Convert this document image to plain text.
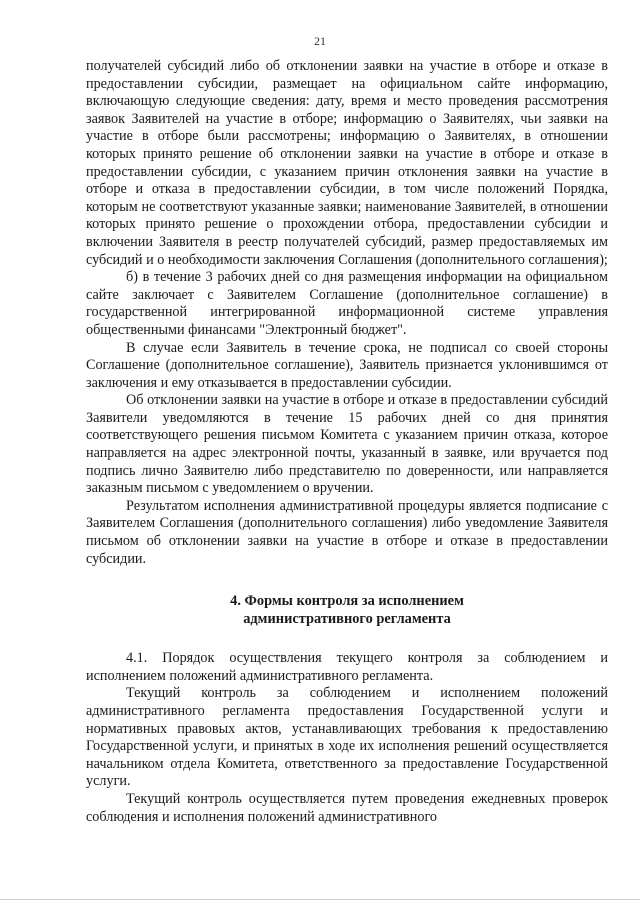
21

получателей субсидий либо об отклонении заявки на участие в отборе и отказе в предоставлении субсидии, размещает на официальном сайте информацию, включающую следующие сведения: дату, время и место проведения рассмотрения заявок Заявителей на участие в отборе; информацию о Заявителях, чьи заявки на участие в отборе были рассмотрены; информацию о Заявителях, в отношении которых принято решение об отклонении заявки на участие в отборе и отказе в предоставлении субсидии, с указанием причин отклонения заявки на участие в отборе и отказа в предоставлении субсидии, в том числе положений Порядка, которым не соответствуют указанные заявки; наименование Заявителей, в отношении которых принято решение о прохождении отбора, предоставлении субсидии и включении Заявителя в реестр получателей субсидий, размер предоставляемых им субсидий и о необходимости заключения Соглашения (дополнительного соглашения);

б) в течение 3 рабочих дней со дня размещения информации на официальном сайте заключает с Заявителем Соглашение (дополнительное соглашение) в государственной интегрированной информационной системе управления общественными финансами "Электронный бюджет".

В случае если Заявитель в течение срока, не подписал со своей стороны Соглашение (дополнительное соглашение), Заявитель признается уклонившимся от заключения и ему отказывается в предоставлении субсидии.

Об отклонении заявки на участие в отборе и отказе в предоставлении субсидий Заявители уведомляются в течение 15 рабочих дней со дня принятия соответствующего решения письмом Комитета с указанием причин отказа, которое направляется на адрес электронной почты, указанный в заявке, или вручается под подпись лично Заявителю либо представителю по доверенности, или направляется заказным письмом с уведомлением о вручении.

Результатом исполнения административной процедуры является подписание с Заявителем Соглашения (дополнительного соглашения) либо уведомление Заявителя письмом об отклонении заявки на участие в отборе и отказе в предоставлении субсидии.

4. Формы контроля за исполнением
административного регламента

4.1. Порядок осуществления текущего контроля за соблюдением и исполнением положений административного регламента.

Текущий контроль за соблюдением и исполнением положений административного регламента предоставления Государственной услуги и нормативных правовых актов, устанавливающих требования к предоставлению Государственной услуги, и принятых в ходе их исполнения решений осуществляется начальником отдела Комитета, ответственного за предоставление Государственной услуги.

Текущий контроль осуществляется путем проведения ежедневных проверок соблюдения и исполнения положений административного
